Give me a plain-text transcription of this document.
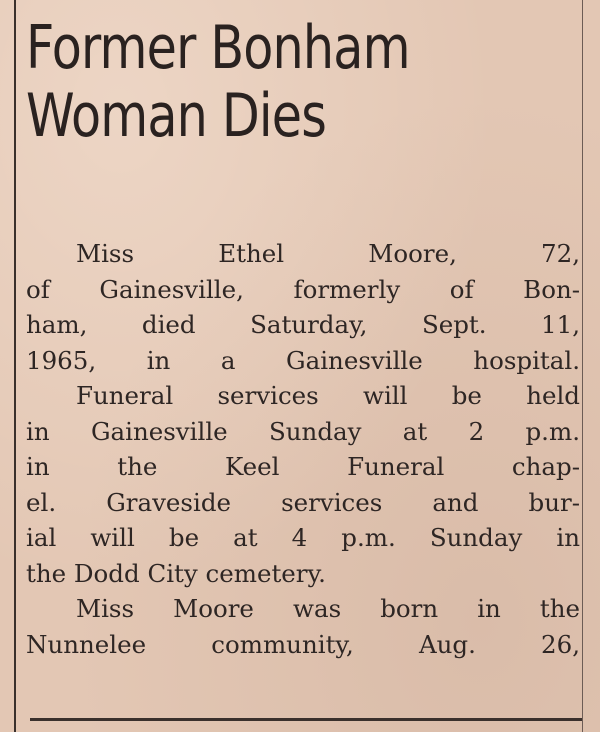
Former Bonham
Woman Dies
Miss Ethel Moore, 72,
of Gainesville, formerly of Bon-
ham, died Saturday, Sept. 11,
1965, in a Gainesville hospital.
Funeral services will be held
in Gainesville Sunday at 2 p.m.
in the Keel Funeral chap-
el. Graveside services and bur-
ial will be at 4 p.m. Sunday in
the Dodd City cemetery.
Miss Moore was born in the
Nunnelee community, Aug. 26,
